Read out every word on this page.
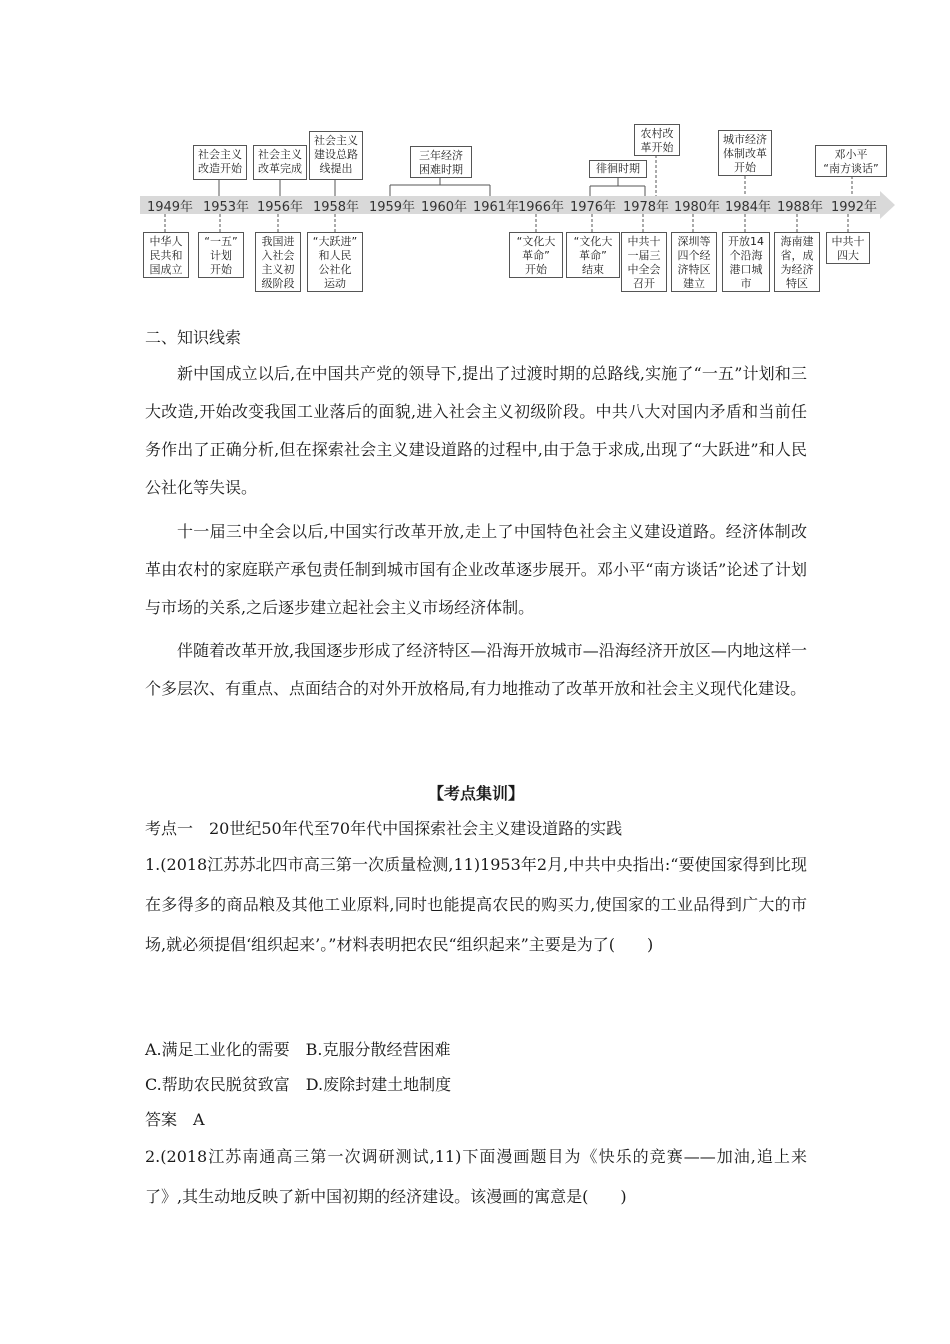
1949年 1953年 1956年 1958年 1959年 1960年 1961年
1966年 1976年 1978年 1980年 1984年 1988年 1992年
社会主义
改造开始
社会主义
改革完成
社会主义
建设总路
线提出
三年经济
困难时期	徘徊时期
农村改
革开始
城市经济
体制改革
开始
邓小平
“南方谈话”
中华人
民共和
国成立
“一五”
计划
开始
我国进
入社会
主义初
级阶段
“大跃进”
和人民
公社化
运动
“文化大
革命”
开始
“文化大
革命”
结束
中共十
一届三
中全会
召开
深圳等
四个经
济特区
建立
开放14
个沿海
港口城
市
海南建
省，成
为经济
特区
中共十
四大
二、知识线索
新中国成立以后,在中国共产党的领导下,提出了过渡时期的总路线,实施了“一五”计划和三大改造,开始改变我国工业落后的面貌,进入社会主义初级阶段。中共八大对国内矛盾和当前任务作出了正确分析,但在探索社会主义建设道路的过程中,由于急于求成,出现了“大跃进”和人民公社化等失误。
十一届三中全会以后,中国实行改革开放,走上了中国特色社会主义建设道路。经济体制改革由农村的家庭联产承包责任制到城市国有企业改革逐步展开。邓小平“南方谈话”论述了计划与市场的关系,之后逐步建立起社会主义市场经济体制。
伴随着改革开放,我国逐步形成了经济特区—沿海开放城市—沿海经济开放区—内地这样一个多层次、有重点、点面结合的对外开放格局,有力地推动了改革开放和社会主义现代化建设。
【考点集训】
考点一　20世纪50年代至70年代中国探索社会主义建设道路的实践
1.(2018江苏苏北四市高三第一次质量检测,11)1953年2月,中共中央指出:“要使国家得到比现在多得多的商品粮及其他工业原料,同时也能提高农民的购买力,使国家的工业品得到广大的市场,就必须提倡‘组织起来’。”材料表明把农民“组织起来”主要是为了(　　)
A.满足工业化的需要　B.克服分散经营困难
C.帮助农民脱贫致富　D.废除封建土地制度
答案　A
2.(2018江苏南通高三第一次调研测试,11)下面漫画题目为《快乐的竞赛——加油,追上来了》,其生动地反映了新中国初期的经济建设。该漫画的寓意是(　　)
